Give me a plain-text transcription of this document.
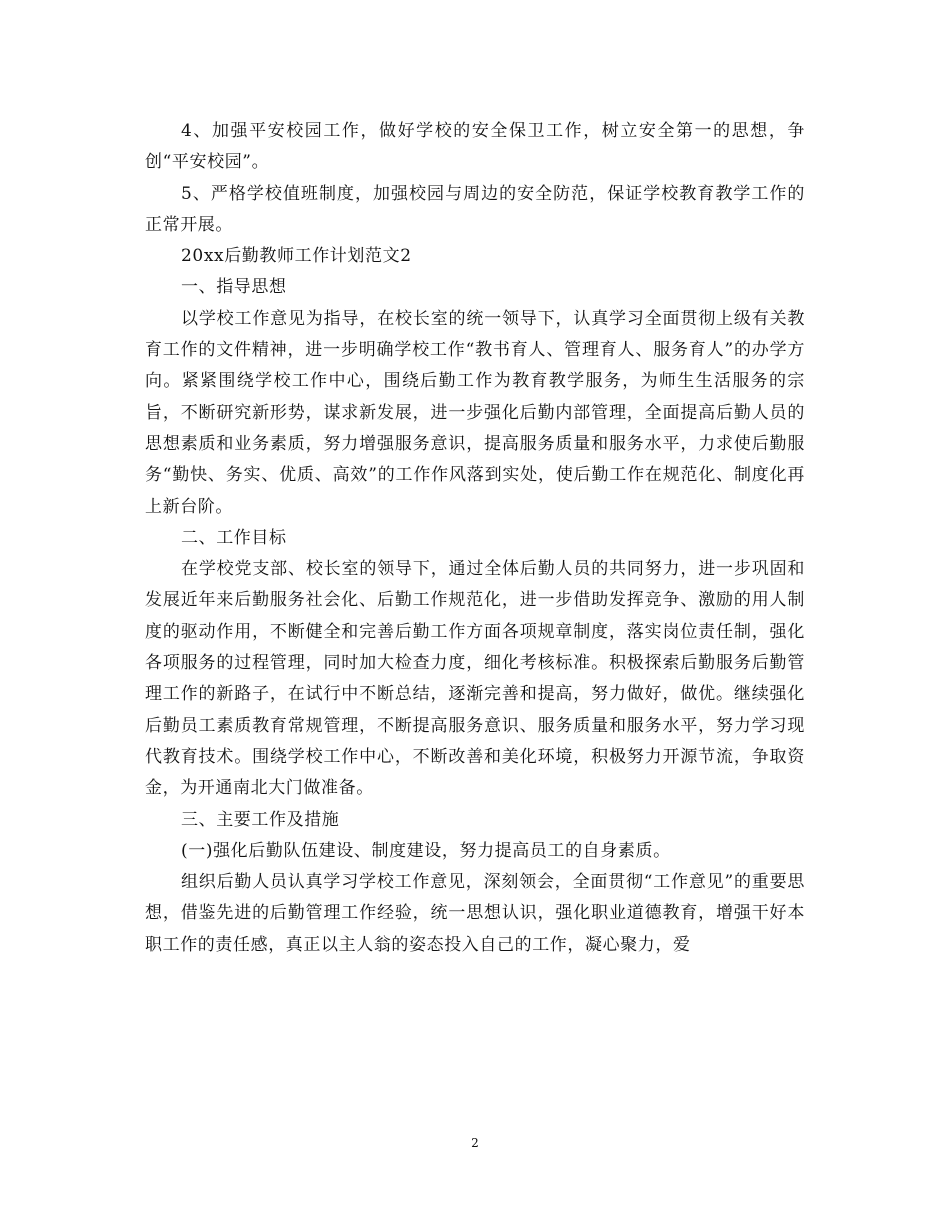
4、加强平安校园工作，做好学校的安全保卫工作，树立安全第一的思想，争创“平安校园”。

5、严格学校值班制度，加强校园与周边的安全防范，保证学校教育教学工作的正常开展。

20xx后勤教师工作计划范文2

一、指导思想

以学校工作意见为指导，在校长室的统一领导下，认真学习全面贯彻上级有关教育工作的文件精神，进一步明确学校工作“教书育人、管理育人、服务育人”的办学方向。紧紧围绕学校工作中心，围绕后勤工作为教育教学服务，为师生生活服务的宗旨，不断研究新形势，谋求新发展，进一步强化后勤内部管理，全面提高后勤人员的思想素质和业务素质，努力增强服务意识，提高服务质量和服务水平，力求使后勤服务“勤快、务实、优质、高效”的工作作风落到实处，使后勤工作在规范化、制度化再上新台阶。

二、工作目标

在学校党支部、校长室的领导下，通过全体后勤人员的共同努力，进一步巩固和发展近年来后勤服务社会化、后勤工作规范化，进一步借助发挥竞争、激励的用人制度的驱动作用，不断健全和完善后勤工作方面各项规章制度，落实岗位责任制，强化各项服务的过程管理，同时加大检查力度，细化考核标准。积极探索后勤服务后勤管理工作的新路子，在试行中不断总结，逐渐完善和提高，努力做好，做优。继续强化后勤员工素质教育常规管理，不断提高服务意识、服务质量和服务水平，努力学习现代教育技术。围绕学校工作中心，不断改善和美化环境，积极努力开源节流，争取资金，为开通南北大门做准备。

三、主要工作及措施

(一)强化后勤队伍建设、制度建设，努力提高员工的自身素质。

组织后勤人员认真学习学校工作意见，深刻领会，全面贯彻“工作意见”的重要思想，借鉴先进的后勤管理工作经验，统一思想认识，强化职业道德教育，增强干好本职工作的责任感，真正以主人翁的姿态投入自己的工作，凝心聚力，爱

2
